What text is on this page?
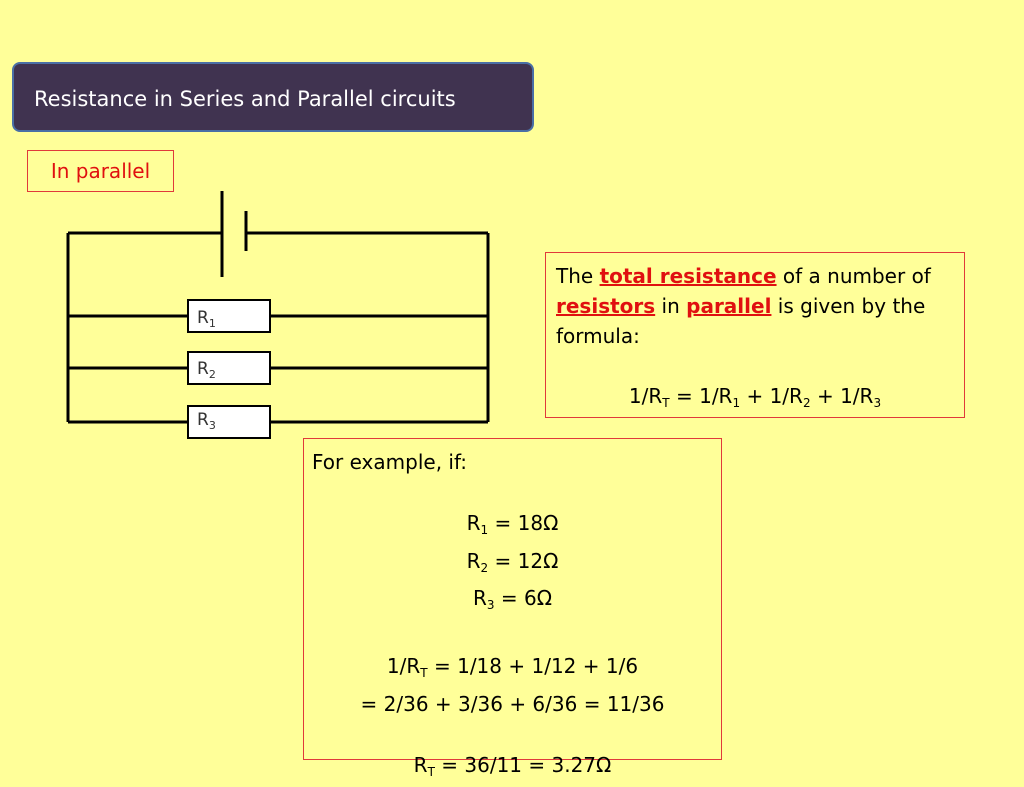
Resistance in Series and Parallel circuits
In parallel
$R_1$
$R_2$
$R_3$
The total resistance of a number of resistors in parallel is given by the formula:
$1/R_T = 1/R_1 + 1/R_2 + 1/R_3$
For example, if:
$R_1 = 18\Omega$
$R_2 = 12\Omega$
$R_3 = 6\Omega$
$1/R_T = 1/18 + 1/12 + 1/6$
= 2/36 + 3/36 + 6/36 = 11/36
$R_T = 36/11 = 3.27\Omega$
